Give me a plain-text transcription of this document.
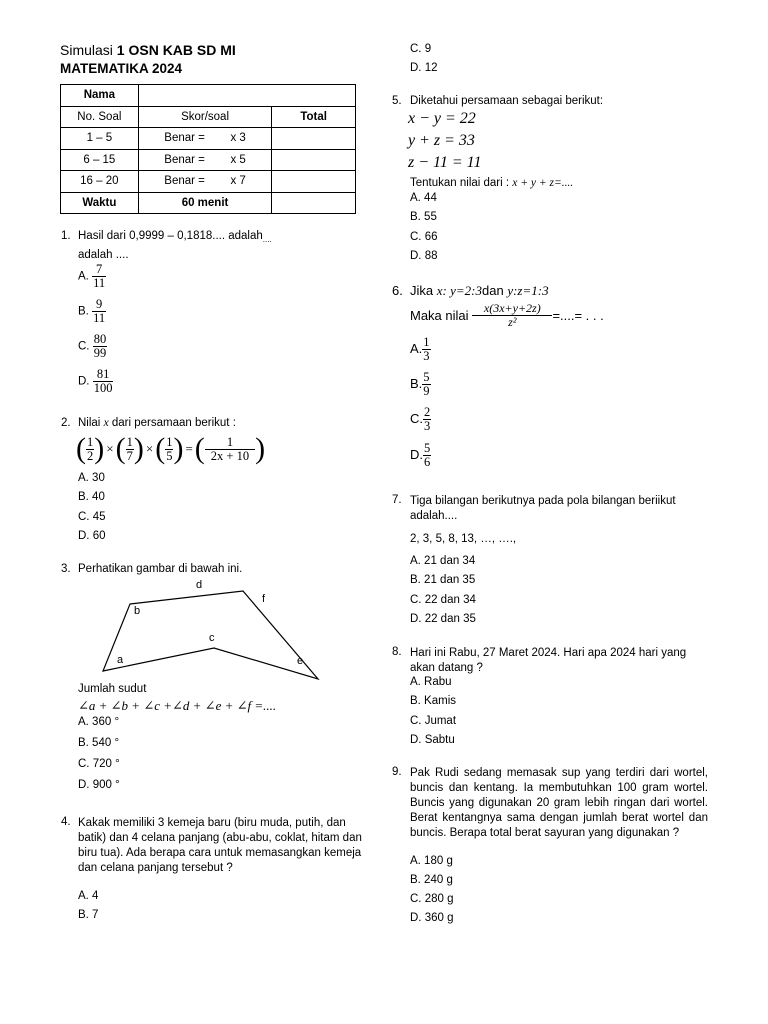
Simulasi 1 OSN KAB SD MI
MATEMATIKA 2024
Nama		
No. Soal	Skor/soal	Total
1 – 5	Benar =        x 3	
6 – 15	Benar =        x 5	
16 – 20	Benar =        x 7	
Waktu	60 menit	
1. Hasil dari 0,9999 – 0,1818.... adalah$_{....}$
adalah ....
A. $\frac{7}{11}$
B. $\frac{9}{11}$
C. $\frac{80}{99}$
D. $\frac{81}{100}$
2. Nilai x dari persamaan berikut :
( $\frac{1}{2}$ ) ×( $\frac{1}{7}$ ) ×( $\frac{1}{5}$ ) =( $\frac{1}{2x + 10}$ )
A. 30
B. 40
C. 45
D. 60
3. Perhatikan gambar di bawah ini.
d
f
b
c
a	e
Jumlah sudut
∠a + ∠b + ∠c +∠d + ∠e + ∠f =....
A. 360 °
B. 540 °
C. 720 °
D. 900 °
4. Kakak memiliki 3 kemeja baru (biru muda, putih, dan batik) dan 4 celana panjang (abu-abu, coklat, hitam dan biru tua). Ada berapa cara untuk memasangkan kemeja dan celana panjang tersebut ?
A. 4
B. 7
C. 9
D. 12
5. Diketahui persamaan sebagai berikut:
x − y = 22
y + z = 33
z − 11 = 11
Tentukan nilai dari : x + y + z=....
A. 44
B. 55
C. 66
D. 88
6. Jika x: y=2:3dan y:z=1:3
Maka nilai $\frac{x(3x+y+2z)}{\text{z²}}$ =....= . . .
A. $\frac{1}{3}$
B. $\frac{5}{9}$
C. $\frac{2}{3}$
D. $\frac{5}{6}$
7. Tiga bilangan berikutnya pada pola bilangan beriikut adalah....
2, 3, 5, 8, 13, …, ….,
A. 21 dan 34
B. 21 dan 35
C. 22 dan 34
D. 22 dan 35
8. Hari ini Rabu, 27 Maret 2024. Hari apa 2024 hari yang akan datang ?
A. Rabu
B. Kamis
C. Jumat
D. Sabtu
9. Pak Rudi sedang memasak sup yang terdiri dari wortel, buncis dan kentang. Ia membutuhkan 100 gram wortel. Buncis yang digunakan 20 gram lebih ringan dari wortel. Berat kentangnya sama dengan jumlah berat wortel dan buncis. Berapa total berat sayuran yang digunakan ?
A. 180 g
B. 240 g
C. 280 g
D. 360 g
